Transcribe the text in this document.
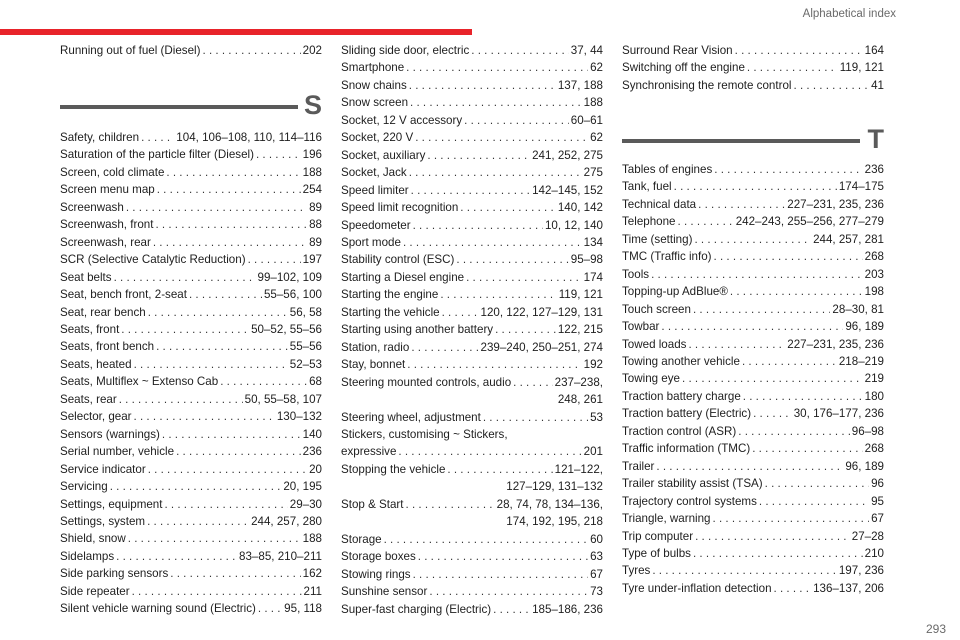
Alphabetical index
Running out of fuel (Diesel) . . .	202
S
Safety, children . . .	104, 106–108, 110, 114–116
Saturation of the particle filter (Diesel) . . .	196
Screen, cold climate . . .	188
Screen menu map . . .	254
Screenwash . . .	89
Screenwash, front . . .	88
Screenwash, rear . . .	89
SCR (Selective Catalytic Reduction) . . .	197
Seat belts . . .	99–102, 109
Seat, bench front, 2-seat . . .	55–56, 100
Seat, rear bench . . .	56, 58
Seats, front . . .	50–52, 55–56
Seats, front bench . . .	55–56
Seats, heated . . .	52–53
Seats, Multiflex ~ Extenso Cab . . .	68
Seats, rear . . .	50, 55–58, 107
Selector, gear . . .	130–132
Sensors (warnings) . . .	140
Serial number, vehicle . . .	236
Service indicator . . .	20
Servicing . . .	20, 195
Settings, equipment . . .	29–30
Settings, system . . .	244, 257, 280
Shield, snow . . .	188
Sidelamps . . .	83–85, 210–211
Side parking sensors . . .	162
Side repeater . . .	211
Silent vehicle warning sound (Electric) . . . 95, 118
Sliding side door, electric . . .	37, 44
Smartphone . . .	62
Snow chains . . .	137, 188
Snow screen . . .	188
Socket, 12 V accessory . . .	60–61
Socket, 220 V . . .	62
Socket, auxiliary . . .	241, 252, 275
Socket, Jack . . .	275
Speed limiter . . .	142–145, 152
Speed limit recognition . . .	140, 142
Speedometer . . .	10, 12, 140
Sport mode . . .	134
Stability control (ESC) . . .	95–98
Starting a Diesel engine . . .	174
Starting the engine . . .	119, 121
Starting the vehicle . . .	120, 122, 127–129, 131
Starting using another battery . . .	122, 215
Station, radio . . .	239–240, 250–251, 274
Stay, bonnet . . .	192
Steering mounted controls, audio . . .	237–238,
248, 261
Steering wheel, adjustment . . .	53
Stickers, customising ~ Stickers,
expressive . . .	201
Stopping the vehicle . . .	121–122,
127–129, 131–132
Stop & Start . . .	28, 74, 78, 134–136,
174, 192, 195, 218
Storage . . .	60
Storage boxes . . .	63
Stowing rings . . .	67
Sunshine sensor . . .	73
Super-fast charging (Electric) . . .	185–186, 236
Surround Rear Vision . . .	164
Switching off the engine . . .	119, 121
Synchronising the remote control . . .	41
T
Tables of engines . . .	236
Tank, fuel . . .	174–175
Technical data . . .	227–231, 235, 236
Telephone . . .	242–243, 255–256, 277–279
Time (setting) . . .	244, 257, 281
TMC (Traffic info) . . .	268
Tools . . .	203
Topping-up AdBlue® . . .	198
Touch screen . . .	28–30, 81
Towbar . . .	96, 189
Towed loads . . .	227–231, 235, 236
Towing another vehicle . . .	218–219
Towing eye . . .	219
Traction battery charge . . .	180
Traction battery (Electric) . . .	30, 176–177, 236
Traction control (ASR) . . .	96–98
Traffic information (TMC) . . .	268
Trailer . . .	96, 189
Trailer stability assist (TSA) . . .	96
Trajectory control systems . . .	95
Triangle, warning . . .	67
Trip computer . . .	27–28
Type of bulbs . . .	210
Tyres . . .	197, 236
Tyre under-inflation detection . . .	136–137, 206
293
